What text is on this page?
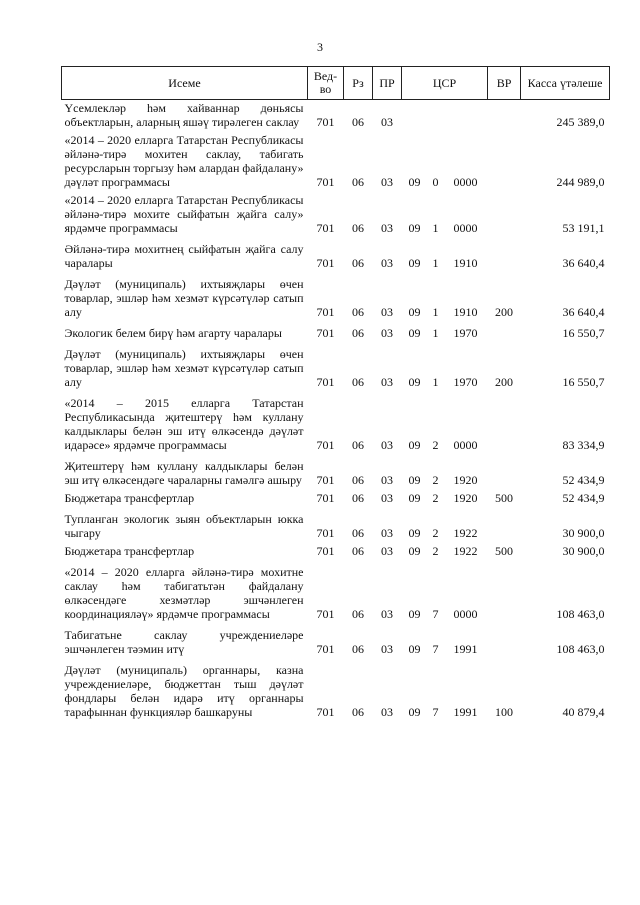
3
Исеме	Вед-во	Рз	ПР	ЦСР			ВР	Касса үтәлеше
Үсемлекләр һәм хайваннар дөньясы объектларын, аларның яшәү тирәлеген саклау	701	06	03					245 389,0
«2014 – 2020 елларга Татарстан Республикасы әйләнә-тирә мохитен саклау, табигать ресурсларын торгызу һәм алардан файдалану» дәүләт программасы	701	06	03	09	0	0000		244 989,0
«2014 – 2020 елларга Татарстан Республикасы әйләнә-тирә мохите сыйфатын җайга салу» ярдәмче программасы	701	06	03	09	1	0000		53 191,1
Әйләнә-тирә мохитнең сыйфатын җайга салу чаралары	701	06	03	09	1	1910		36 640,4
Дәүләт (муниципаль) ихтыяҗлары өчен товарлар, эшләр һәм хезмәт күрсәтүләр сатып алу	701	06	03	09	1	1910	200	36 640,4
Экологик белем бирү һәм агарту чаралары	701	06	03	09	1	1970		16 550,7
Дәүләт (муниципаль) ихтыяҗлары өчен товарлар, эшләр һәм хезмәт күрсәтүләр сатып алу	701	06	03	09	1	1970	200	16 550,7
«2014 – 2015 елларга Татарстан Республикасында җитештерү һәм куллану калдыклары белән эш итү өлкәсендә дәүләт идарәсе» ярдәмче программасы	701	06	03	09	2	0000		83 334,9
Җитештерү һәм куллану калдыклары белән эш итү өлкәсендәге чараларны гамәлгә ашыру	701	06	03	09	2	1920		52 434,9
Бюджетара трансфертлар	701	06	03	09	2	1920	500	52 434,9
Тупланган экологик зыян объектларын юкка чыгару	701	06	03	09	2	1922		30 900,0
Бюджетара трансфертлар	701	06	03	09	2	1922	500	30 900,0
«2014 – 2020 елларга әйләнә-тирә мохитне саклау һәм табигатьтән файдалану өлкәсендәге хезмәтләр эшчәнлеген координацияләү» ярдәмче программасы	701	06	03	09	7	0000		108 463,0
Табигатьне саклау учреждениеләре эшчәнлеген тәэмин итү	701	06	03	09	7	1991		108 463,0
Дәүләт (муниципаль) органнары, казна учреждениеләре, бюджеттан тыш дәүләт фондлары белән идарә итү органнары тарафыннан функцияләр башкаруны	701	06	03	09	7	1991	100	40 879,4
